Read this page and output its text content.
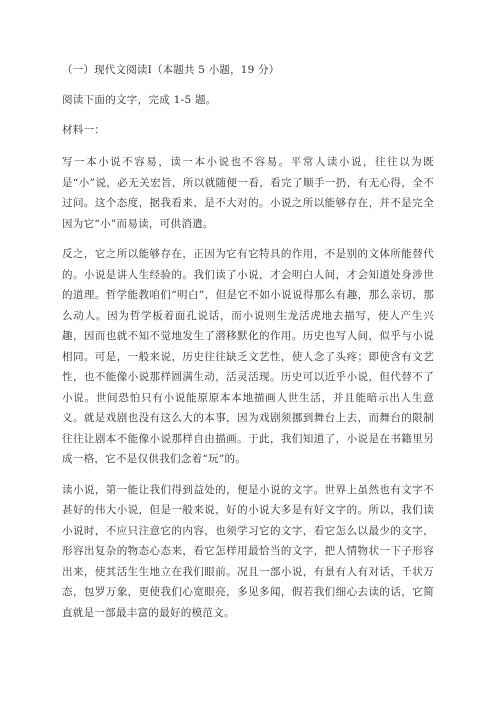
（一）现代文阅读Ⅰ（本题共 5 小题，19 分）

阅读下面的文字，完成 1-5 题。

材料一：

写一本小说不容易，读一本小说也不容易。平常人读小说，往往以为既是“小”说，必无关宏旨，所以就随便一看，看完了顺手一扔，有无心得，全不过问。这个态度，据我看来，是不大对的。小说之所以能够存在，并不是完全因为它“小”而易读，可供消遣。

反之，它之所以能够存在，正因为它有它特具的作用，不是别的文体所能替代的。小说是讲人生经验的。我们读了小说，才会明白人间，才会知道处身涉世的道理。哲学能教咱们“明白”，但是它不如小说说得那么有趣，那么亲切，那么动人。因为哲学板着面孔说话，而小说则生龙活虎地去描写，使人产生兴趣，因而也就不知不觉地发生了潜移默化的作用。历史也写人间，似乎与小说相同。可是，一般来说，历史往往缺乏文艺性，使人念了头疼；即使含有文艺性，也不能像小说那样圆满生动，活灵活现。历史可以近乎小说，但代替不了小说。世间恐怕只有小说能原原本本地描画人世生活，并且能暗示出人生意义。就是戏剧也没有这么大的本事，因为戏剧须挪到舞台上去，而舞台的限制往往让剧本不能像小说那样自由描画。于此，我们知道了，小说是在书籍里另成一格，它不是仅供我们念着“玩”的。

读小说，第一能让我们得到益处的，便是小说的文字。世界上虽然也有文字不甚好的伟大小说，但是一般来说，好的小说大多是有好文字的。所以，我们读小说时，不应只注意它的内容，也须学习它的文字，看它怎么以最少的文字，形容出复杂的物态心态来，看它怎样用最恰当的文字，把人情物状一下子形容出来，使其活生生地立在我们眼前。况且一部小说，有景有人有对话，千状万态，包罗万象，更使我们心宽眼亮，多见多闻，假若我们细心去读的话，它简直就是一部最丰富的最好的模范文。
